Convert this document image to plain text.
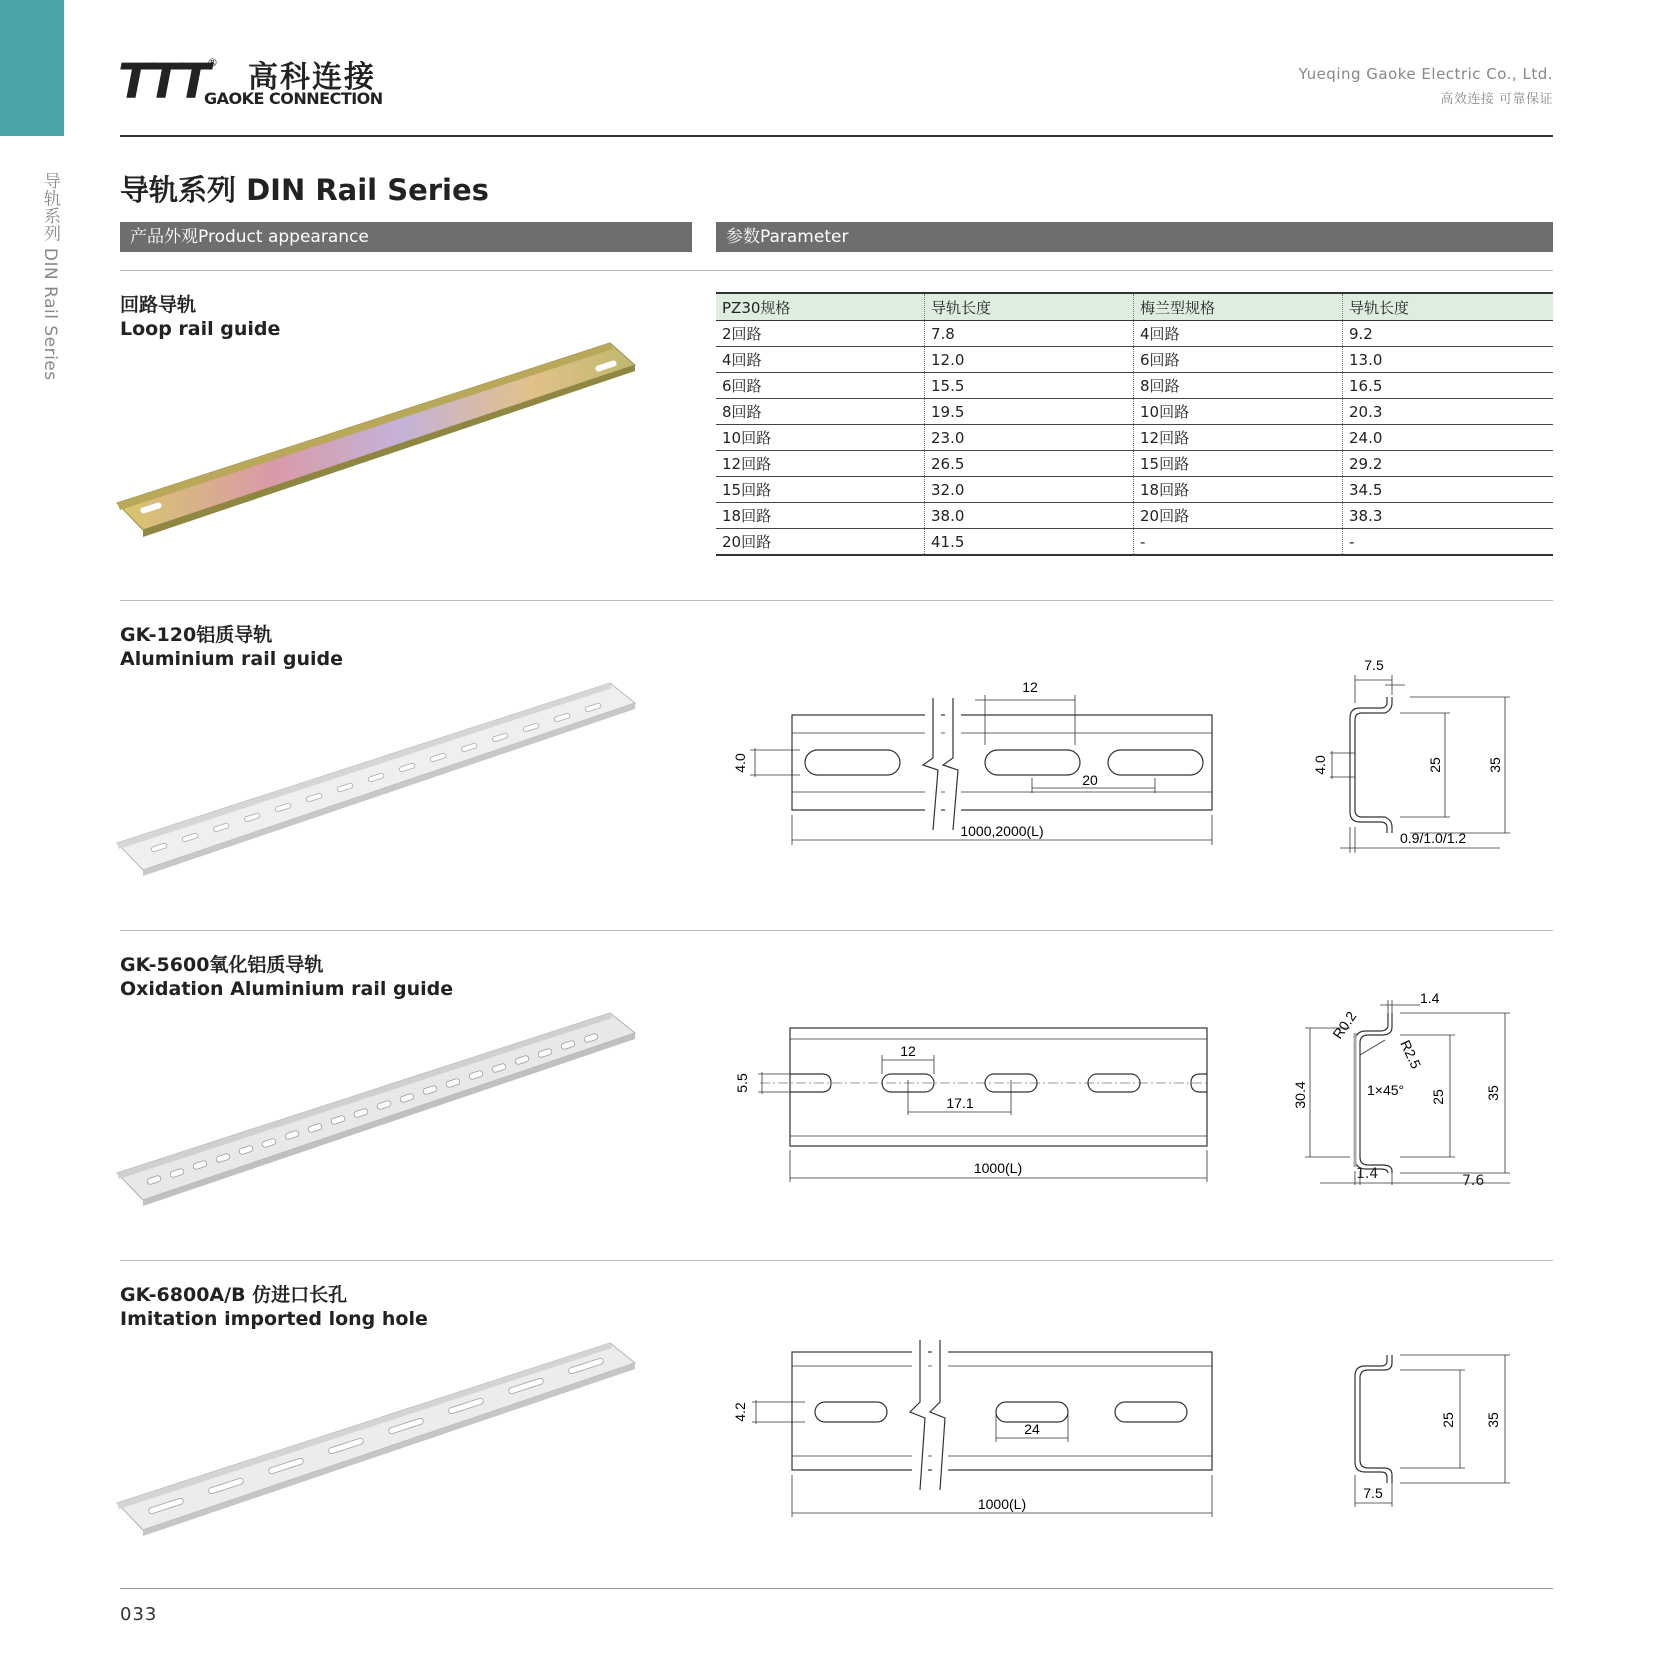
导轨系列 DIN Rail Series
TTT ® 高科连接
GAOKE CONNECTION
Yueqing Gaoke Electric Co., Ltd.
高效连接 可靠保证
导轨系列 DIN Rail Series
产品外观Product appearance	参数Parameter
回路导轨
Loop rail guide
PZ30规格	导轨长度	梅兰型规格	导轨长度
2回路	7.8	4回路	9.2
4回路	12.0	6回路	13.0
6回路	15.5	8回路	16.5
8回路	19.5	10回路	20.3
10回路	23.0	12回路	24.0
12回路	26.5	15回路	29.2
15回路	32.0	18回路	34.5
18回路	38.0	20回路	38.3
20回路	41.5	-	-
GK-120铝质导轨
Aluminium rail guide
12
20
4.0
1000,2000(L)
7.5
25	35
4.0
0.9/1.0/1.2
GK-5600氧化铝质导轨
Oxidation Aluminium rail guide
12
5.5
17.1
1000(L)
1.4
R0.2
R2.5
1×45°
30.4	25	35
1.4	7.6
GK-6800A/B 仿进口长孔
Imitation imported long hole
24
4.2
1000(L)
25 35
7.5
033
